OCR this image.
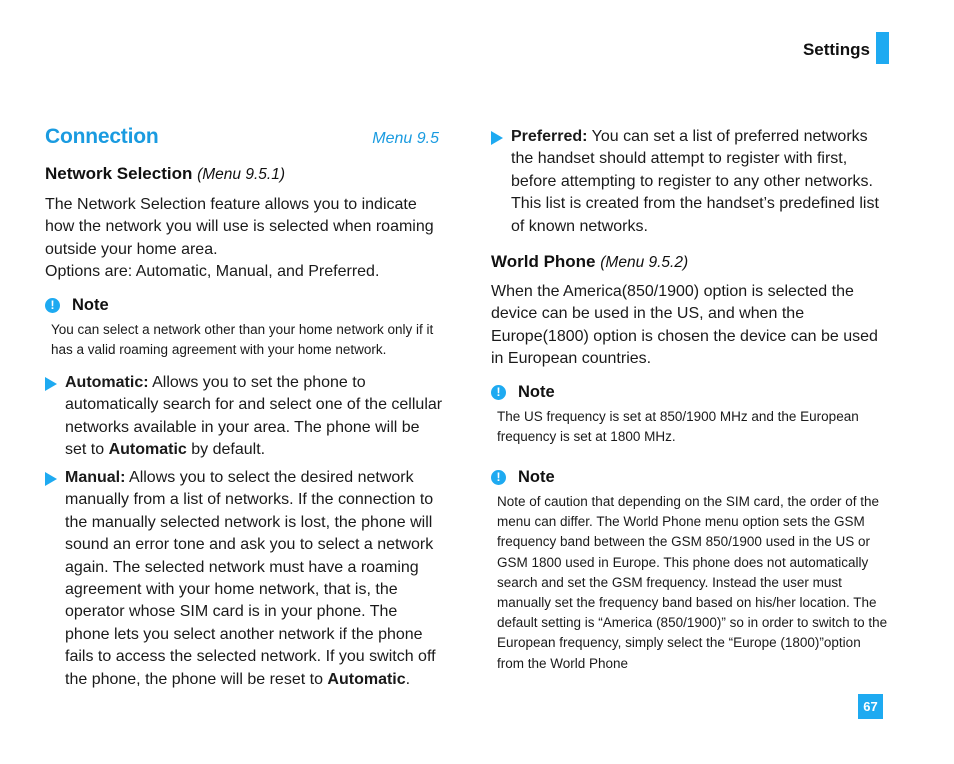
Settings
Connection	Menu 9.5
Network Selection (Menu 9.5.1)

The Network Selection feature allows you to indicate how the network you will use is selected when roaming outside your home area.

Options are: Automatic, Manual, and Preferred.

!	Note
You can select a network other than your home network only if it has a valid roaming agreement with your home network.
Automatic: Allows you to set the phone to automatically search for and select one of the cellular networks available in your area. The phone will be set to Automatic by default.
Manual: Allows you to select the desired network manually from a list of networks. If the connection to the manually selected network is lost, the phone will sound an error tone and ask you to select a network again. The selected network must have a roaming agreement with your home network, that is, the operator whose SIM card is in your phone. The phone lets you select another network if the phone fails to access the selected network. If you switch off the phone, the phone will be reset to Automatic.
Preferred: You can set a list of preferred networks the handset should attempt to register with first, before attempting to register to any other networks. This list is created from the handset’s predefined list of known networks.
World Phone (Menu 9.5.2)

When the America(850/1900) option is selected the device can be used in the US, and when the Europe(1800) option is chosen the device can be used in European countries.

!	Note
The US frequency is set at 850/1900 MHz and the European frequency is set at 1800 MHz.
!	Note
Note of caution that depending on the SIM card, the order of the menu can differ. The World Phone menu option sets the GSM frequency band between the GSM 850/1900 used in the US or GSM 1800 used in Europe. This phone does not automatically search and set the GSM frequency. Instead the user must manually set the frequency band based on his/her location. The default setting is “America (850/1900)” so in order to switch to the European frequency, simply select the “Europe (1800)”option from the World Phone
67
